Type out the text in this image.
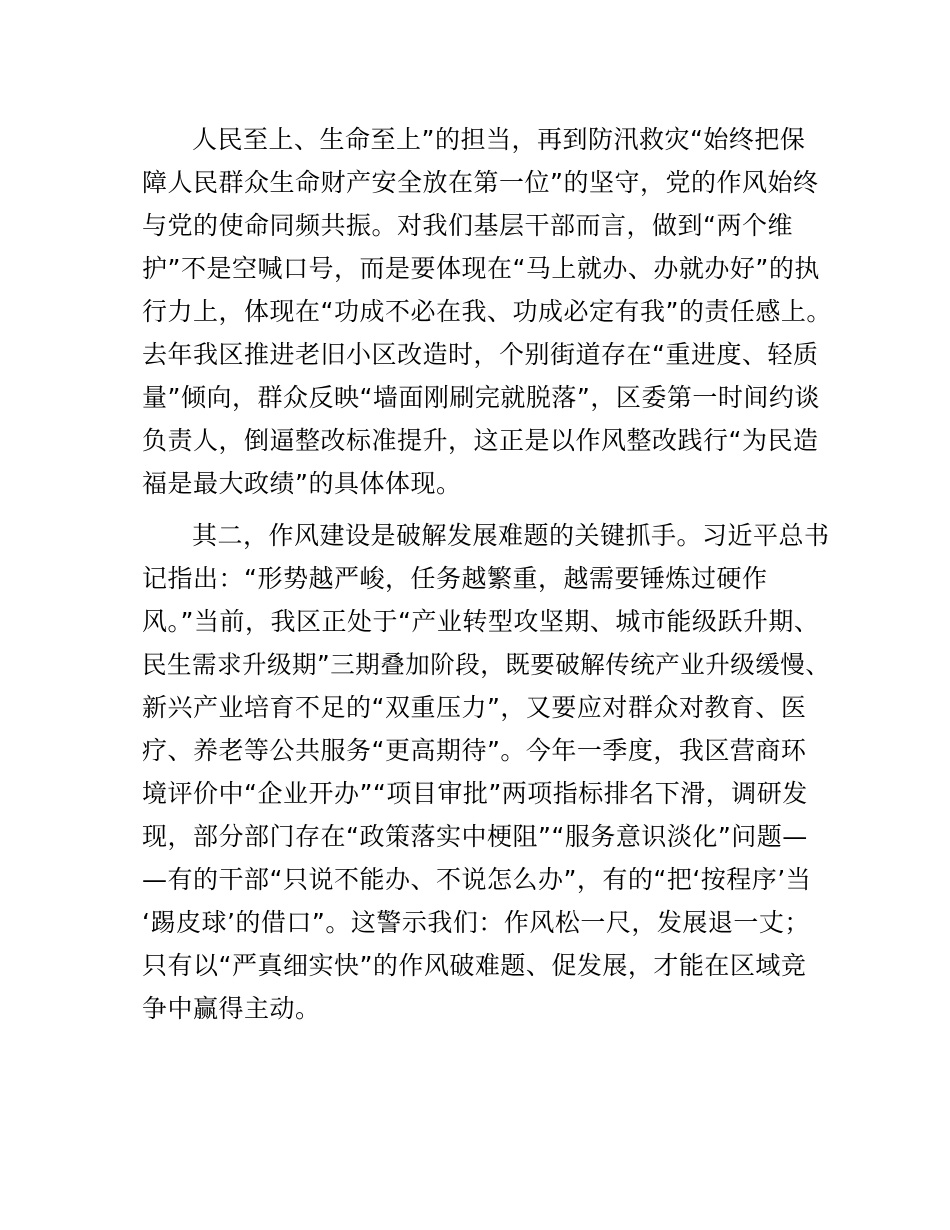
人民至上、生命至上”的担当，再到防汛救灾“始终把保
障人民群众生命财产安全放在第一位”的坚守，党的作风始终
与党的使命同频共振。对我们基层干部而言，做到“两个维
护”不是空喊口号，而是要体现在“马上就办、办就办好”的执
行力上，体现在“功成不必在我、功成必定有我”的责任感上。
去年我区推进老旧小区改造时，个别街道存在“重进度、轻质
量”倾向，群众反映“墙面刚刷完就脱落”，区委第一时间约谈
负责人，倒逼整改标准提升，这正是以作风整改践行“为民造
福是最大政绩”的具体体现。
其二，作风建设是破解发展难题的关键抓手。习近平总书
记指出：“形势越严峻，任务越繁重，越需要锤炼过硬作
风。”当前，我区正处于“产业转型攻坚期、城市能级跃升期、
民生需求升级期”三期叠加阶段，既要破解传统产业升级缓慢、
新兴产业培育不足的“双重压力”，又要应对群众对教育、医
疗、养老等公共服务“更高期待”。今年一季度，我区营商环
境评价中“企业开办”“项目审批”两项指标排名下滑，调研发
现，部分部门存在“政策落实中梗阻”“服务意识淡化”问题—
—有的干部“只说不能办、不说怎么办”，有的“把‘按程序’当
‘踢皮球’的借口”。这警示我们：作风松一尺，发展退一丈；
只有以“严真细实快”的作风破难题、促发展，才能在区域竞
争中赢得主动。
